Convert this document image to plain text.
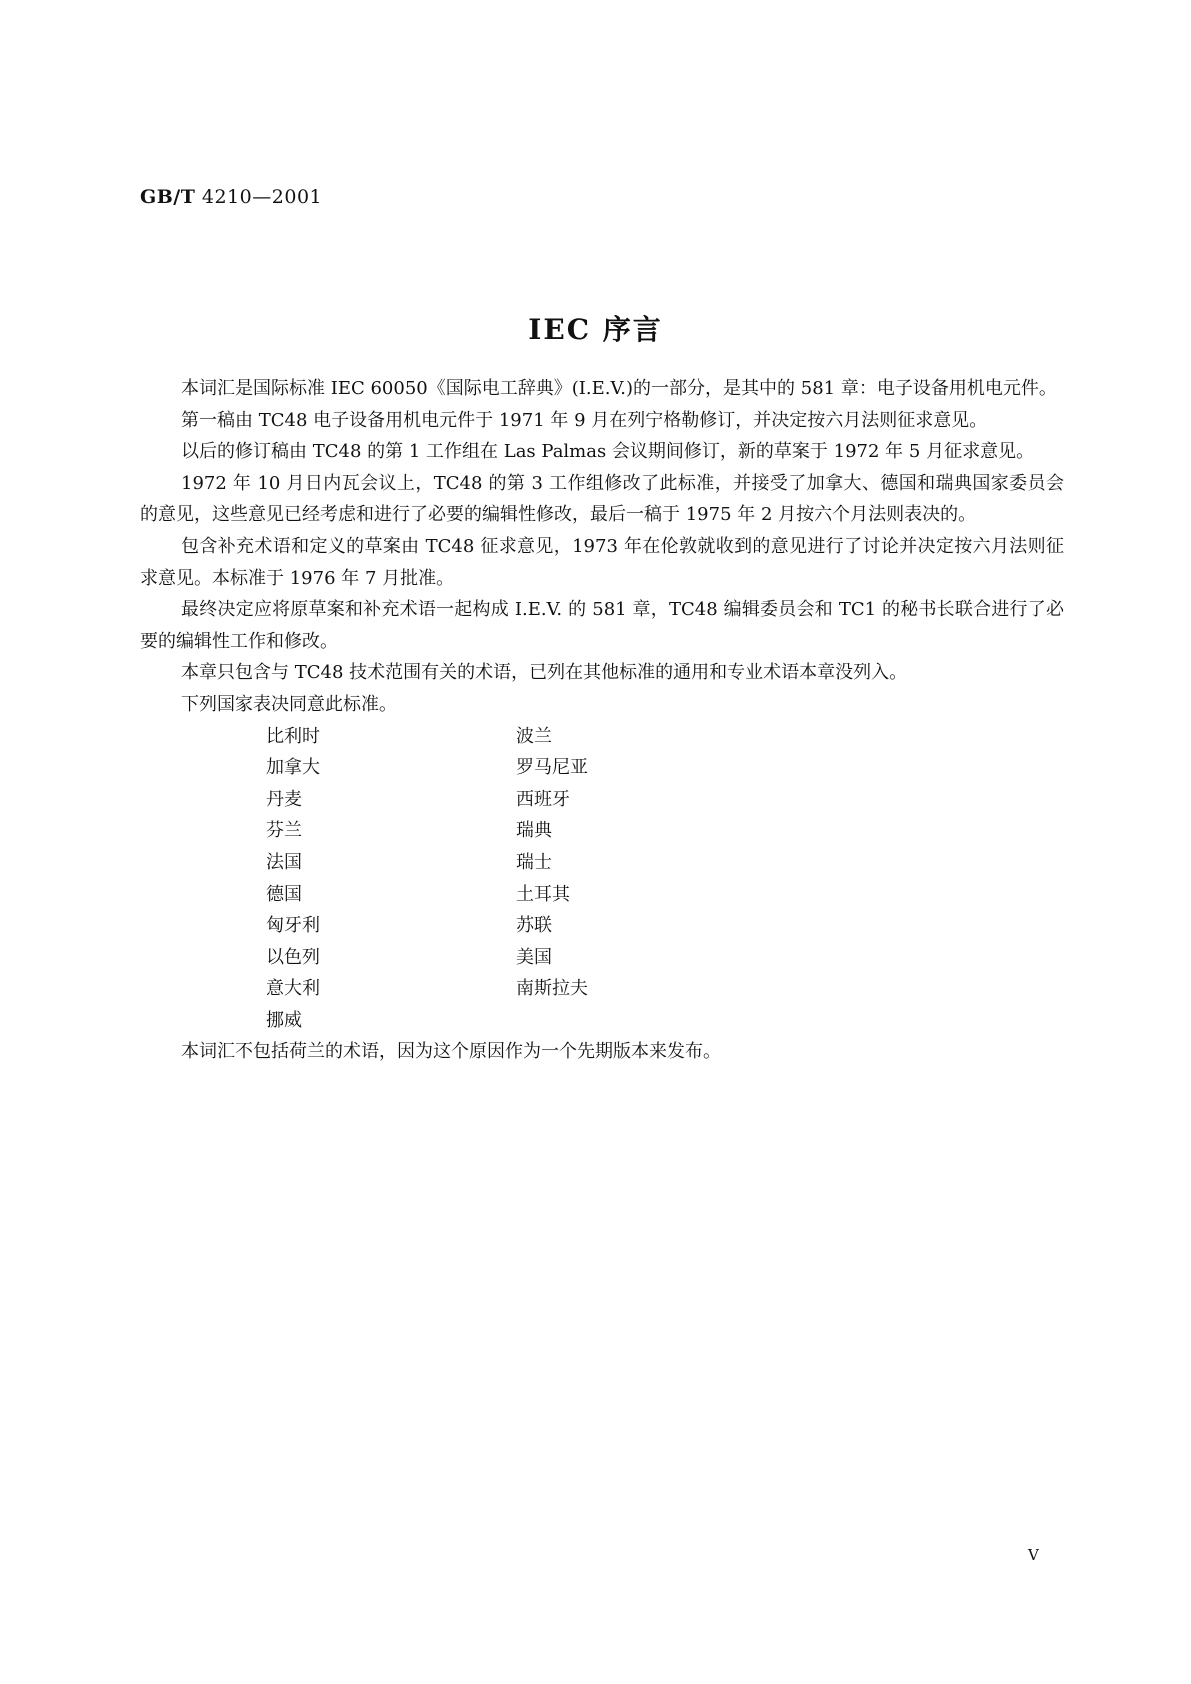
GB/T 4210—2001
IEC 序言

本词汇是国际标准 IEC 60050《国际电工辞典》(I.E.V.)的一部分，是其中的 581 章：电子设备用机电元件。

第一稿由 TC48 电子设备用机电元件于 1971 年 9 月在列宁格勒修订，并决定按六月法则征求意见。

以后的修订稿由 TC48 的第 1 工作组在 Las Palmas 会议期间修订，新的草案于 1972 年 5 月征求意见。

1972 年 10 月日内瓦会议上，TC48 的第 3 工作组修改了此标准，并接受了加拿大、德国和瑞典国家委员会的意见，这些意见已经考虑和进行了必要的编辑性修改，最后一稿于 1975 年 2 月按六个月法则表决的。

包含补充术语和定义的草案由 TC48 征求意见，1973 年在伦敦就收到的意见进行了讨论并决定按六月法则征求意见。本标准于 1976 年 7 月批准。

最终决定应将原草案和补充术语一起构成 I.E.V. 的 581 章，TC48 编辑委员会和 TC1 的秘书长联合进行了必要的编辑性工作和修改。

本章只包含与 TC48 技术范围有关的术语，已列在其他标准的通用和专业术语本章没列入。

下列国家表决同意此标准。

比利时	波兰
加拿大	罗马尼亚
丹麦	西班牙
芬兰	瑞典
法国	瑞士
德国	土耳其
匈牙利	苏联
以色列	美国
意大利	南斯拉夫
挪威

本词汇不包括荷兰的术语，因为这个原因作为一个先期版本来发布。

Ⅴ
